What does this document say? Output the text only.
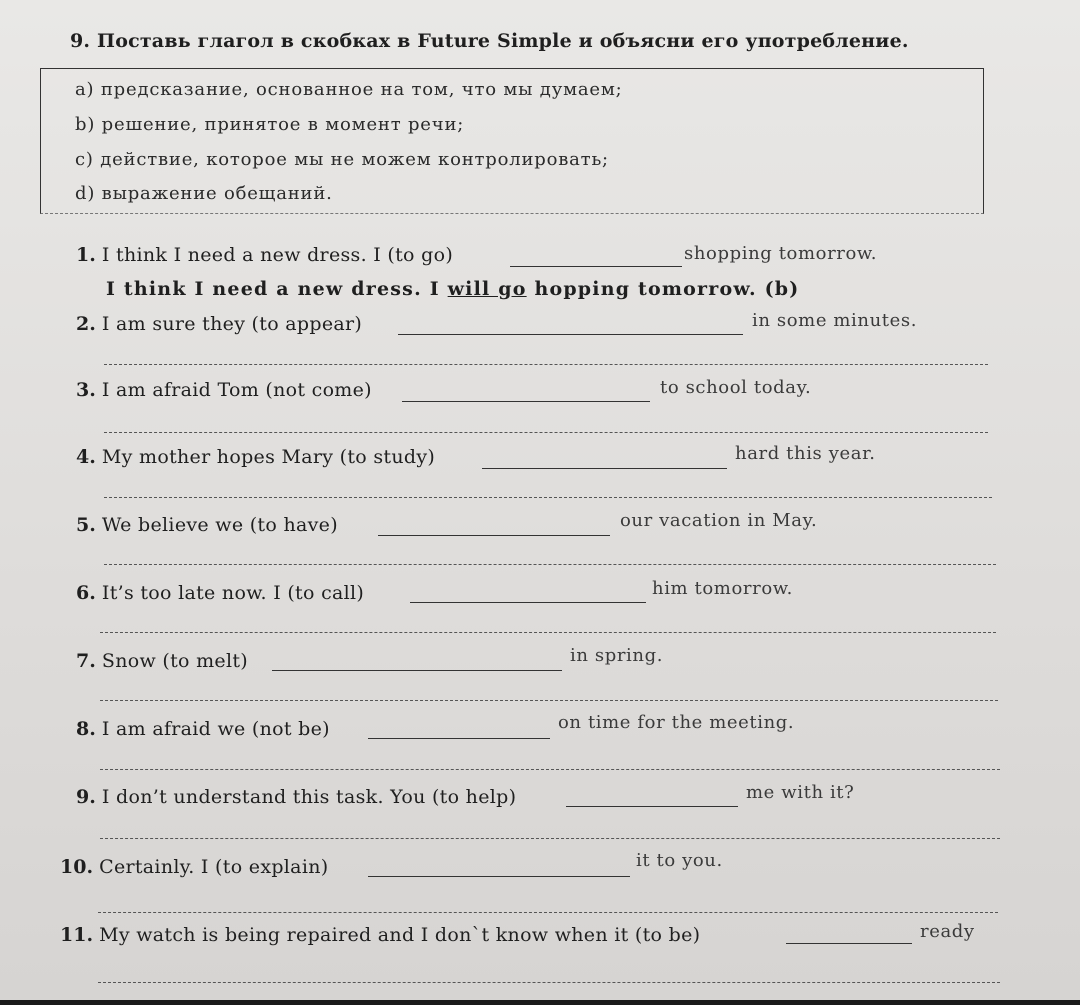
9. Поставь глагол в скобках в Future Simple и объясни его употребление.
a) предсказание, основанное на том, что мы думаем;
b) решение, принятое в момент речи;
c) действие, которое мы не можем контролировать;
d) выражение обещаний.
1. I think I need a new dress. I (to go)	shopping tomorrow.
I think I need a new dress. I will go hopping tomorrow. (b)
2. I am sure they (to appear)	in some minutes.
3. I am afraid Tom (not come)	to school today.
4. My mother hopes Mary (to study)	hard this year.
5. We believe we (to have)	our vacation in May.
6. It’s too late now. I (to call)	him tomorrow.
7. Snow (to melt)	in spring.
8. I am afraid we (not be)	on time for the meeting.
9. I don’t understand this task. You (to help)	me with it?
10. Certainly. I (to explain)	it to you.
11. My watch is being repaired and I don`t know when it (to be)	ready
